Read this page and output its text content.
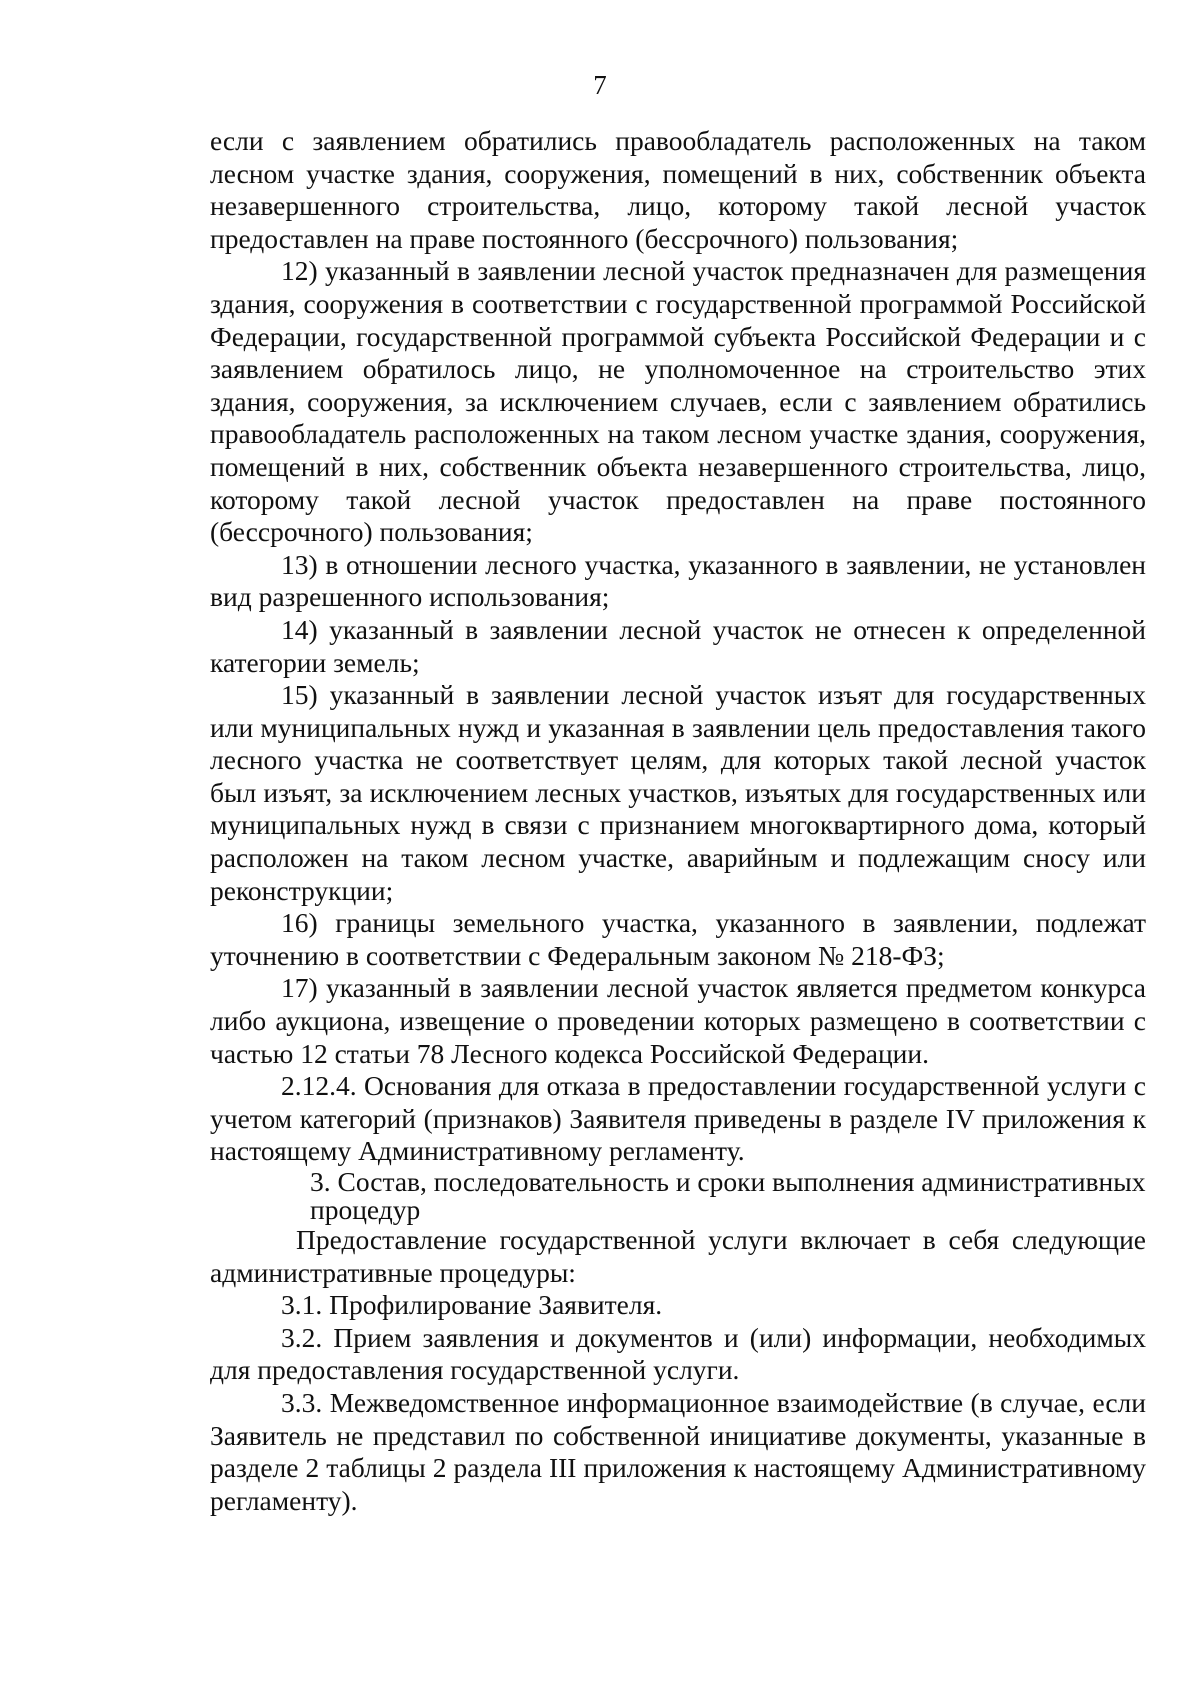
7

если с заявлением обратились правообладатель расположенных на таком лесном участке здания, сооружения, помещений в них, собственник объекта незавершенного строительства, лицо, которому такой лесной участок предоставлен на праве постоянного (бессрочного) пользования;

12) указанный в заявлении лесной участок предназначен для размещения здания, сооружения в соответствии с государственной программой Российской Федерации, государственной программой субъекта Российской Федерации и с заявлением обратилось лицо, не уполномоченное на строительство этих здания, сооружения, за исключением случаев, если с заявлением обратились правообладатель расположенных на таком лесном участке здания, сооружения, помещений в них, собственник объекта незавершенного строительства, лицо, которому такой лесной участок предоставлен на праве постоянного (бессрочного) пользования;

13) в отношении лесного участка, указанного в заявлении, не установлен вид разрешенного использования;

14) указанный в заявлении лесной участок не отнесен к определенной категории земель;

15) указанный в заявлении лесной участок изъят для государственных или муниципальных нужд и указанная в заявлении цель предоставления такого лесного участка не соответствует целям, для которых такой лесной участок был изъят, за исключением лесных участков, изъятых для государственных или муниципальных нужд в связи с признанием многоквартирного дома, который расположен на таком лесном участке, аварийным и подлежащим сносу или реконструкции;

16) границы земельного участка, указанного в заявлении, подлежат уточнению в соответствии с Федеральным законом № 218-ФЗ;

17) указанный в заявлении лесной участок является предметом конкурса либо аукциона, извещение о проведении которых размещено в соответствии с частью 12 статьи 78 Лесного кодекса Российской Федерации.

2.12.4. Основания для отказа в предоставлении государственной услуги с учетом категорий (признаков) Заявителя приведены в разделе IV приложения к настоящему Административному регламенту.

3. Состав, последовательность и сроки выполнения административных процедур

Предоставление государственной услуги включает в себя следующие административные процедуры:

3.1. Профилирование Заявителя.

3.2. Прием заявления и документов и (или) информации, необходимых для предоставления государственной услуги.

3.3. Межведомственное информационное взаимодействие (в случае, если Заявитель не представил по собственной инициативе документы, указанные в разделе 2 таблицы 2 раздела III приложения к настоящему Административному регламенту).
